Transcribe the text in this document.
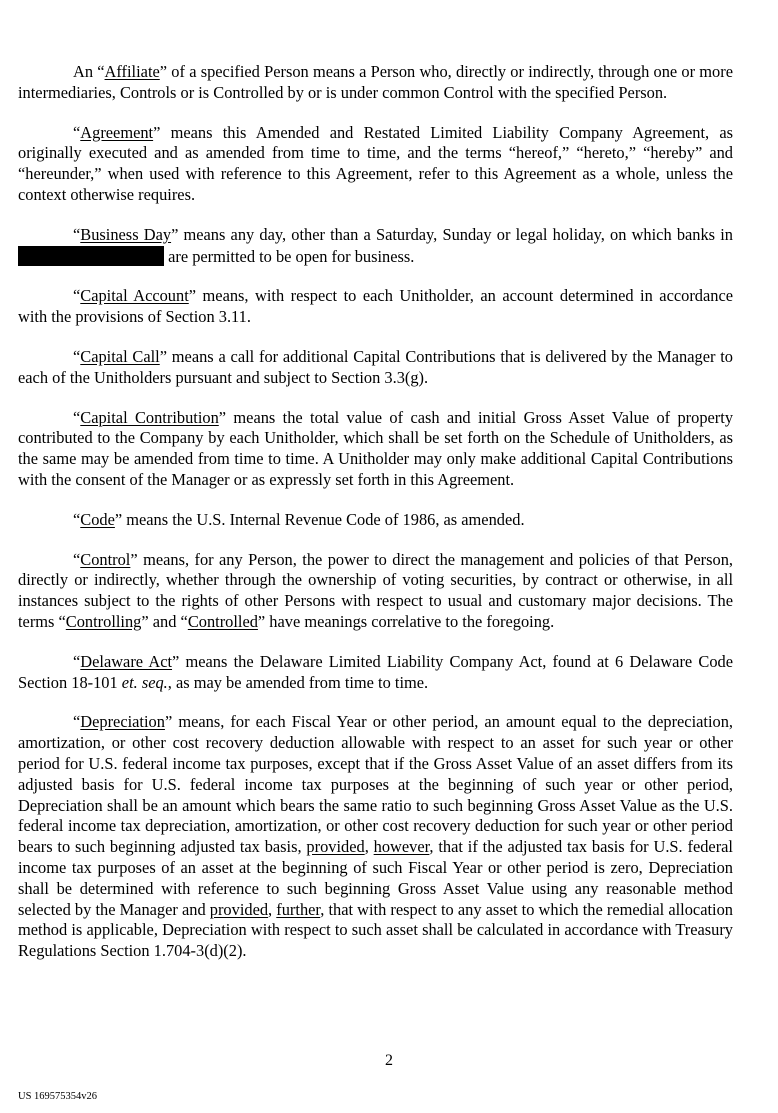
An “Affiliate” of a specified Person means a Person who, directly or indirectly, through one or more intermediaries, Controls or is Controlled by or is under common Control with the specified Person.

“Agreement” means this Amended and Restated Limited Liability Company Agreement, as originally executed and as amended from time to time, and the terms “hereof,” “hereto,” “hereby” and “hereunder,” when used with reference to this Agreement, refer to this Agreement as a whole, unless the context otherwise requires.

“Business Day” means any day, other than a Saturday, Sunday or legal holiday, on which banks in are permitted to be open for business.

“Capital Account” means, with respect to each Unitholder, an account determined in accordance with the provisions of Section 3.11.

“Capital Call” means a call for additional Capital Contributions that is delivered by the Manager to each of the Unitholders pursuant and subject to Section 3.3(g).

“Capital Contribution” means the total value of cash and initial Gross Asset Value of property contributed to the Company by each Unitholder, which shall be set forth on the Schedule of Unitholders, as the same may be amended from time to time. A Unitholder may only make additional Capital Contributions with the consent of the Manager or as expressly set forth in this Agreement.

“Code” means the U.S. Internal Revenue Code of 1986, as amended.

“Control” means, for any Person, the power to direct the management and policies of that Person, directly or indirectly, whether through the ownership of voting securities, by contract or otherwise, in all instances subject to the rights of other Persons with respect to usual and customary major decisions. The terms “Controlling” and “Controlled” have meanings correlative to the foregoing.

“Delaware Act” means the Delaware Limited Liability Company Act, found at 6 Delaware Code Section 18-101 et. seq., as may be amended from time to time.

“Depreciation” means, for each Fiscal Year or other period, an amount equal to the depreciation, amortization, or other cost recovery deduction allowable with respect to an asset for such year or other period for U.S. federal income tax purposes, except that if the Gross Asset Value of an asset differs from its adjusted basis for U.S. federal income tax purposes at the beginning of such year or other period, Depreciation shall be an amount which bears the same ratio to such beginning Gross Asset Value as the U.S. federal income tax depreciation, amortization, or other cost recovery deduction for such year or other period bears to such beginning adjusted tax basis, provided, however, that if the adjusted tax basis for U.S. federal income tax purposes of an asset at the beginning of such Fiscal Year or other period is zero, Depreciation shall be determined with reference to such beginning Gross Asset Value using any reasonable method selected by the Manager and provided, further, that with respect to any asset to which the remedial allocation method is applicable, Depreciation with respect to such asset shall be calculated in accordance with Treasury Regulations Section 1.704-3(d)(2).

2
US 169575354v26
